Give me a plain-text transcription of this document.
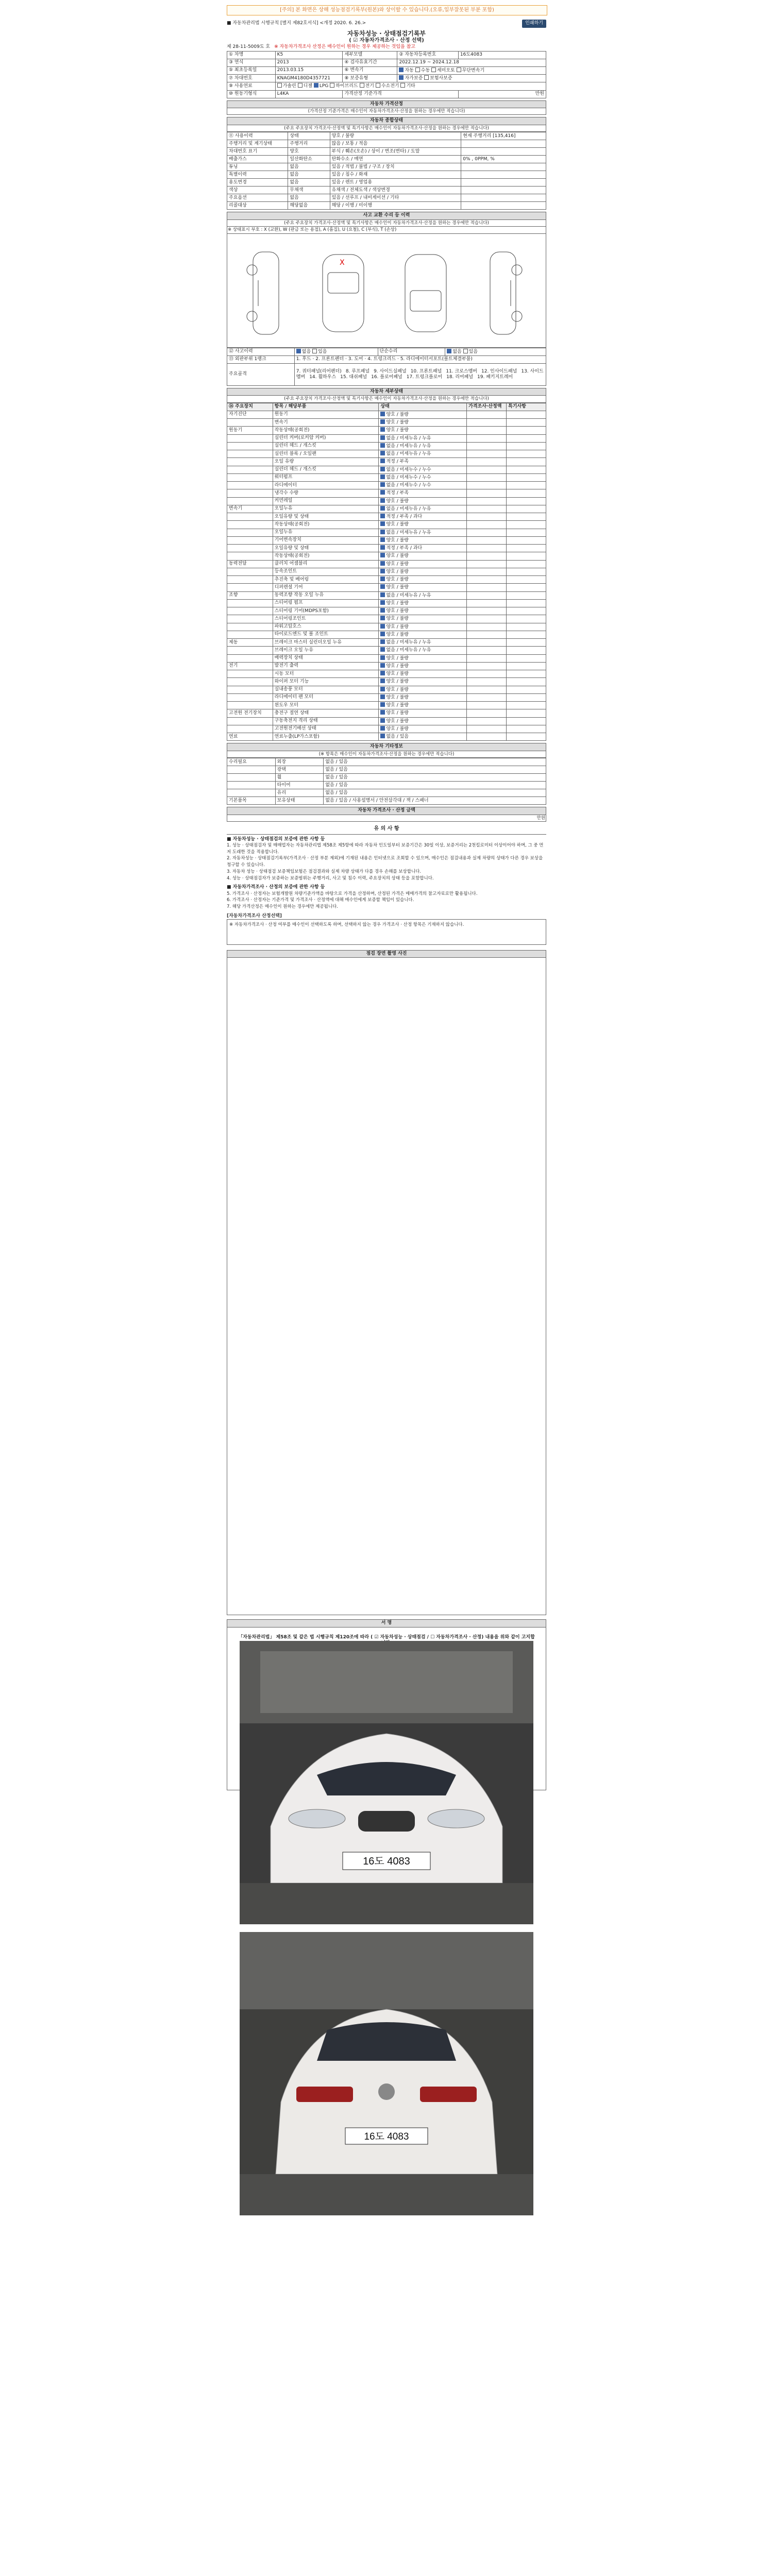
[주의] 본 화면은 상해 성능점검기록부(원본)와 상이할 수 있습니다.(오류,일부잘못된 부분 포함)
■ 자동차관리법 시행규칙 [별지 제82호서식] <개정 2020. 6. 26.>	인쇄하기
자동차성능 · 상태점검기록부
( ☑ 자동차가격조사 · 산정 선택)
제 28-11-5009도 호 ※ 자동차가격조사 산정은 매수인이 원하는 경우 제공하는 것임을 참고
① 차명	K5	세부모델	② 자동차등록번호	16도4083
③ 연식	2013	④ 검사유효기간	2022.12.19 ~ 2024.12.18	
⑤ 최초등록일	2013.03.15	⑥ 변속기	자동 수동 세미오토 무단변속기	
⑦ 차대번호	KNAGM4180D4357721	⑧ 보증유형	자가보증 보험사보증	
⑨ 사용연료	가솔린 디젤 LPG 하이브리드 전기 수소전기 기타			
⑩ 원동기형식	L4KA	가격산정 기준가격		만원
자동차 가격산정
(가격산정 기준가격은 매수인이 자동차가격조사·산정을 원하는 경우에만 적습니다)
자동차 종합상태
(주요 주요장치 가격조사·산정액 및 특기사항은 매수인이 자동차가격조사·산정을 원하는 경우에만 적습니다)
⑪ 사용이력	상태	양호 / 불량	현재 주행거리 [135,416]
주행거리 및 계기상태	주행거리	많음 / 보통 / 적음	
차대번호 표기	양호	부식 / 훼손(오손) / 상이 / 변조(변타) / 도말	
배출가스	일산화탄소	탄화수소 / 매연	0% , 0PPM, %
튜닝	없음	있음 / 적법 / 불법 / 구조 / 장치	
특별이력	없음	있음 / 침수 / 화재	
용도변경	없음	있음 / 렌트 / 영업용	
색상	무채색	유채색 / 전체도색 / 색상변경	
주요옵션	없음	있음 / 선루프 / 내비게이션 / 기타	
리콜대상	해당없음	해당 / 이행 / 미이행	
사고 교환 수리 등 이력
(주요 주요장치 가격조사·산정액 및 특기사항은 매수인이 자동차가격조사·산정을 원하는 경우에만 적습니다)
※ 상태표시 부호 : X (교환), W (판금 또는 용접), A (흠집), U (요철), C (부식), T (손상)
X
⑫ 사고이력	없음 있음	단순수리	없음 있음
⑬ 외판부위 1랭크	1. 후드 · 2. 프론트펜더 · 3. 도어 · 4. 트렁크리드 · 5. 라디에이터서포트(볼트체결부품)		
주요골격	7. 쿼터패널(리어펜더) 8. 루프패널 9. 사이드실패널 10. 프론트패널 11. 크로스멤버 12. 인사이드패널 13. 사이드멤버 14. 휠하우스 15. 대쉬패널 16. 플로어패널 17. 트렁크플로어 18. 리어패널 19. 패키지트레이		
자동차 세부상태
(주요 주요장치 가격조사·산정액 및 특기사항은 매수인이 자동차가격조사·산정을 원하는 경우에만 적습니다)
⑭ 주요장치	항목 / 해당부품	상태	가격조사·산정액	특기사항
자기진단	원동기	양호 / 불량		
	변속기	양호 / 불량		
원동기	작동상태(공회전)	양호 / 불량		
	실린더 커버(로커암 커버)	없음 / 미세누유 / 누유		
	실린더 헤드 / 개스킷	없음 / 미세누유 / 누유		
	실린더 블록 / 오일팬	없음 / 미세누유 / 누유		
	오일 유량	적정 / 부족		
	실린더 헤드 / 개스킷	없음 / 미세누수 / 누수		
	워터펌프	없음 / 미세누수 / 누수		
	라디에이터	없음 / 미세누수 / 누수		
	냉각수 수량	적정 / 부족		
	커먼레일	양호 / 불량		
변속기	오일누유	없음 / 미세누유 / 누유		
	오일유량 및 상태	적정 / 부족 / 과다		
	작동상태(공회전)	양호 / 불량		
	오일누유	없음 / 미세누유 / 누유		
	기어변속장치	양호 / 불량		
	오일유량 및 상태	적정 / 부족 / 과다		
	작동상태(공회전)	양호 / 불량		
동력전달	클러치 어셈블리	양호 / 불량		
	등속조인트	양호 / 불량		
	추진축 및 베어링	양호 / 불량		
	디퍼렌셜 기어	양호 / 불량		
조향	동력조향 작동 오일 누유	없음 / 미세누유 / 누유		
	스티어링 펌프	양호 / 불량		
	스티어링 기어(MDPS포함)	양호 / 불량		
	스티어링조인트	양호 / 불량		
	파워고압호스	양호 / 불량		
	타이로드엔드 및 볼 조인트	양호 / 불량		
제동	브레이크 마스터 실린더오일 누유	없음 / 미세누유 / 누유		
	브레이크 오일 누유	없음 / 미세누유 / 누유		
	배력장치 상태	양호 / 불량		
전기	발전기 출력	양호 / 불량		
	시동 모터	양호 / 불량		
	와이퍼 모터 기능	양호 / 불량		
	실내송풍 모터	양호 / 불량		
	라디에이터 팬 모터	양호 / 불량		
	윈도우 모터	양호 / 불량		
고전원 전기장치	충전구 절연 상태	양호 / 불량		
	구동축전지 격리 상태	양호 / 불량		
	고전원전기배선 상태	양호 / 불량		
연료	연료누출(LP가스포함)	없음 / 있음		
자동차 기타정보
(※ 항목은 매수인이 자동차가격조사·산정을 원하는 경우에만 적습니다)
수리필요	외장	없음 / 있음
	광택	없음 / 있음
	휠	없음 / 있음
	타이어	없음 / 있음
	유리	없음 / 있음
기본품목	보유상태	없음 / 있음 / 사용설명서 / 안전삼각대 / 잭 / 스패너
자동차 가격조사 · 산정 금액
만원
유 의 사 항
■ 자동차성능 · 상태점검의 보증에 관한 사항 등
1. 성능 · 상태점검자 및 매매업자는 자동차관리법 제58조 제5항에 따라 자동차 인도일부터 보증기간은 30일 이상, 보증거리는 2천킬로미터 이상이어야 하며, 그 중 먼저 도래한 것을 적용합니다.
2. 자동차성능 · 상태점검기록부(가격조사 · 산정 부분 제외)에 기재된 내용은 인터넷으로 조회할 수 있으며, 매수인은 점검내용과 실제 차량의 상태가 다른 경우 보상을 청구할 수 있습니다.
3. 자동차 성능 · 상태점검 보증책임보험은 점검결과와 실제 차량 상태가 다를 경우 손해를 보상합니다.
4. 성능 · 상태점검자가 보증하는 보증범위는 주행거리, 사고 및 침수 이력, 주요장치의 상태 등을 포함합니다.
■ 자동차가격조사 · 산정의 보증에 관한 사항 등
5. 가격조사 · 산정자는 보험개발원 차량기준가액을 바탕으로 가격을 산정하며, 산정된 가격은 매매가격의 참고자료로만 활용됩니다.
6. 가격조사 · 산정자는 기준가격 및 가격조사 · 산정액에 대해 매수인에게 보증할 책임이 있습니다.
7. 해당 가격산정은 매수인이 원하는 경우에만 제공됩니다.
[자동차가격조사 산정선택]
※ 자동차가격조사 · 산정 여부를 매수인이 선택하도록 하며, 선택하지 않는 경우 가격조사 · 산정 항목은 기재하지 않습니다.
점검 장면 촬영 사진
서 명
「자동차관리법」 제58조 및 같은 법 시행규칙 제120조에 따라 ( ☑ 자동차성능 · 상태점검 / ☐ 자동차가격조사 · 산정) 내용을 위와 같이 고지합
16도 4083
16도 4083
